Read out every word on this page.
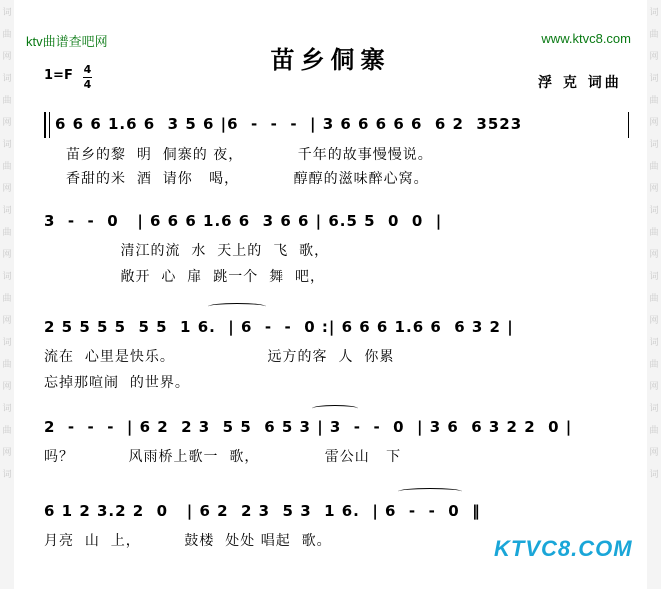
词
曲
网
词
曲
网
词
曲
网
词
曲
网
词
曲
网
词
曲
网
词
曲
网
词
词
曲
网
词
曲
网
词
曲
网
词
曲
网
词
曲
网
词
曲
网
词
曲
网
词
ktv曲谱查吧网	www.ktvc8.com
苗乡侗寨
1=F 4
4	浮 克 词曲
6 6 6 1.6 6  3 5 6 |6  -  -  -  | 3 6 6 6 6 6  6 2  3523
苗乡的黎  明  侗寨的 夜，          千年的故事慢慢说。
香甜的米  酒  请你   喝，          醇醇的滋味醉心窝。
3  -  -  0   | 6 6 6 1.6 6  3 6 6 | 6.5 5  0  0  |
清江的流  水  天上的  飞  歌，
敞开  心  扉  跳一个  舞  吧，
2 5 5 5 5  5 5  1 6.  | 6  -  -  0 :| 6 6 6 1.6 6  6 3 2 |
流在  心里是快乐。                 远方的客  人  你累
忘掉那喧闹  的世界。
2  -  -  -  | 6 2  2 3  5 5  6 5 3 | 3  -  -  0  | 3 6  6 3 2 2  0 |
吗？          风雨桥上歌一  歌，            雷公山   下
6 1 2 3.2 2  0   | 6 2  2 3  5 3  1 6.  | 6  -  -  0  ‖
月亮  山  上，        鼓楼  处处 唱起  歌。	KTVC8.COM
